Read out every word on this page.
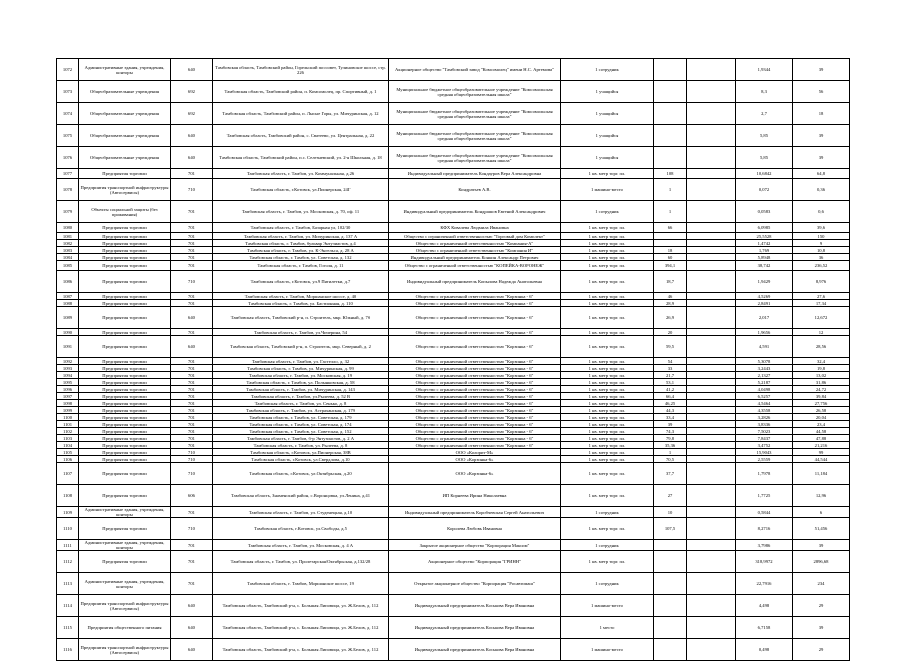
1072	Административные здания, учреждения, конторы	640	Тамбовская область, Тамбовский район, Горельский поссовет, Тулиновское шоссе, стр. 226	Акционерное общество "Тамбовский завод "Комсомолец" имени Н.С. Артемова"	1 сотрудник			1,9344	39
1073	Общеобразовательные учреждения	692	Тамбовская область, Тамбовский район, п. Комсомолец, пр. Спортивный, д. 1	Муниципальное бюджетное общеобразовательное учреждение "Комсомольская средняя общеобразовательная школа"	1 учащийся			8,3	56
1074	Общеобразовательные учреждения	692	Тамбовская область, Тамбовский район, п. Лысые Горы, ул. Мичуринская, д. 12	Муниципальное бюджетное общеобразовательное учреждение "Комсомольская средняя общеобразовательная школа"	1 учащийся			2,7	18
1075	Общеобразовательные учреждения	640	Тамбовская область, Тамбовский район, с. Сватеево, ул. Центральная, д. 22	Муниципальное бюджетное общеобразовательное учреждение "Комсомольская средняя общеобразовательная школа"	1 учащийся			5,85	39
1076	Общеобразовательные учреждения	640	Тамбовская область, Тамбовский район, п.с. Селезневский, ул. 2-я Школьная, д. 18	Муниципальное бюджетное общеобразовательное учреждение "Комсомольская средняя общеобразовательная школа"	1 учащийся			5,85	39
1077	Предприятия торговли	701	Тамбовская область, г. Тамбов, ул. Коммунальная, д.26	Индивидуальный предприниматель Кондауров Вера Александровна	1 кв. метр торг. пл.	108		10,6842	64,8
1078	Предприятия транспортной инфраструктуры (Автосервисы)	710	Тамбовская область, г.Котовск, ул.Пионерская, 24Г	Кондратьев А.В.	1 машино-место	1		0,072	0,36
1079	Объекты социальной защиты (без проживания)	701	Тамбовская область, г. Тамбов, ул. Московская, д. 70, оф. 11	Индивидуальный предприниматель Кондрашов Евгений Александрович	1 сотрудник	1		0,0583	0,6
1080	Предприятия торговли	701	Тамбовская область, г. Тамбов, Базарная ул, 102/30	КФХ Ковалева Людмила Ивановна	1 кв. метр торг. пл.	66		6,0985	39,6
1081	Предприятия торговли	701	Тамбовская область, г. Тамбов, ул. Мичуринская, д. 137 А	Общество с ограниченной ответственностью "Торговый дом Комплект"	1 кв. метр торг. пл.			25,5528	150
1082	Предприятия торговли	701	Тамбовская область, г. Тамбов, бульвар Энтузиастов, д.4	Общество с ограниченной ответственностью "Компания-А"	1 кв. метр торг. пл.			1,4742	9
1083	Предприятия торговли	701	Тамбовская область, г. Тамбов, ул. К-Энгельса, д. 28 А	Общество с ограниченной ответственностью "Компания И"	1 кв. метр торг. пл.	18		1,769	10,8
1084	Предприятия торговли	701	Тамбовская область, г. Тамбов, ул. Советская, д. 132	Индивидуальный предприниматель Конкин Александр Петрович	1 кв. метр торг. пл.	60		5,8948	36
1085	Предприятия торговли	701	Тамбовская область, г. Тамбов, Гоголя, д. 11	Общество с ограниченной ответственностью "КОПЕЙКА-ВОРОНЕЖ"	1 кв. метр торг. пл.	394,1		38,742	236,52
1086	Предприятия торговли	710	Тамбовская область, г.Котовск, ул.9 Пятилетки, д.7	Индивидуальный предприниматель Копылова Надежда Анатольевна	1 кв. метр торг. пл.	18,7		1,9429	8,976
1087	Предприятия торговли	701	Тамбовская область, г. Тамбов, Моршанское шоссе, д. 40	Общество с ограниченной ответственностью "Корзинка - 6"	1 кв. метр торг. пл.	46		4,5269	27,6
1088	Предприятия торговли	701	Тамбовская область, г. Тамбов, ул. Бастионная, д. 110	Общество с ограниченной ответственностью "Корзинка - 6"	1 кв. метр торг. пл.	28,9		2,8491	17,34
1089	Предприятия торговли	640	Тамбовская область, Тамбовский р-н, п. Строитель, мкр. Южный, д. 7б	Общество с ограниченной ответственностью "Корзинка - 6"	1 кв. метр торг. пл.	26,9		2,017	12,672
1090	Предприятия торговли	701	Тамбовская область, г. Тамбов, ул.Чичерина, 54	Общество с ограниченной ответственностью "Корзинка - 6"	1 кв. метр торг. пл.	20		1,9656	12
1091	Предприятия торговли	640	Тамбовская область, Тамбовский р-н, п. Строитель, мкр. Северный, д. 2	Общество с ограниченной ответственностью "Корзинка - 6"	1 кв. метр торг. пл.	59,5		4,591	28,56
1092	Предприятия торговли	701	Тамбовская область, г. Тамбов, ул. Гастелло, д. 32	Общество с ограниченной ответственностью "Корзинка - 6"	1 кв. метр торг. пл.	54		5,3078	32,4
1093	Предприятия торговли	701	Тамбовская область, г. Тамбов, ул. Мичуринская, д. 99	Общество с ограниченной ответственностью "Корзинка - 6"	1 кв. метр торг. пл.	33		3,2443	19,8
1094	Предприятия торговли	701	Тамбовская область, г. Тамбов, ул. Московская, д. 19	Общество с ограниченной ответственностью "Корзинка - 6"	1 кв. метр торг. пл.	21,7		2,1327	13,02
1095	Предприятия торговли	701	Тамбовская область, г. Тамбов, ул. Полынковская, д. 58	Общество с ограниченной ответственностью "Корзинка - 6"	1 кв. метр торг. пл.	53,1		5,2187	31,86
1096	Предприятия торговли	701	Тамбовская область, г. Тамбов, ул. Мичуринская, д. 143	Общество с ограниченной ответственностью "Корзинка - 6"	1 кв. метр торг. пл.	41,2		4,0498	24,72
1097	Предприятия торговли	701	Тамбовская область, г. Тамбов, ул.Рылеева, д. 52 В	Общество с ограниченной ответственностью "Корзинка - 6"	1 кв. метр торг. пл.	66,4		6,5257	39,84
1098	Предприятия торговли	701	Тамбовская область, г. Тамбов, ул. Сенько, д. 8	Общество с ограниченной ответственностью "Корзинка - 6"	1 кв. метр торг. пл.	46,25		4,5464	27,756
1099	Предприятия торговли	701	Тамбовская область, г. Тамбов, ул. Астраханская, д. 179	Общество с ограниченной ответственностью "Корзинка - 6"	1 кв. метр торг. пл.	44,3		4,3558	26,58
1100	Предприятия торговли	701	Тамбовская область, г. Тамбов, ул. Советская, д. 179	Общество с ограниченной ответственностью "Корзинка - 6"	1 кв. метр торг. пл.	33,4		3,2826	20,04
1101	Предприятия торговли	701	Тамбовская область, г. Тамбов, ул. Советская, д. 174	Общество с ограниченной ответственностью "Корзинка - 6"	1 кв. метр торг. пл.	39		3,8336	23,4
1102	Предприятия торговли	701	Тамбовская область, г. Тамбов, ул. Советская, д. 152	Общество с ограниченной ответственностью "Корзинка - 6"	1 кв. метр торг. пл.	74,3		7,5023	44,58
1103	Предприятия торговли	701	Тамбовская область, г. Тамбов, б-р Энтузиастов, д. 2 А	Общество с ограниченной ответственностью "Корзинка - 6"	1 кв. метр торг. пл.	79,8		7,8437	47,88
1104	Предприятия торговли	701	Тамбовская область, г. Тамбов, ул. Рылеева, д. 8	Общество с ограниченной ответственностью "Корзинка - 6"	1 кв. метр торг. пл.	35,36		3,4752	21,216
1105	Предприятия торговли	710	Тамбовская область, г.Котовск, ул.Пионерская, 38В	ООО «Колорит-М»	1 кв. метр торг. пл.	1		15,9043	99
1106	Предприятия торговли	710	Тамбовская область, г.Котовск, ул.Свердлова, д.10	ООО «Корзинка-6»	1 кв. метр торг. пл.	70,5		2,5559	44,544
1107	Предприятия торговли	710	Тамбовская область, г.Котовск, ул.Октябрьская, д.20	ООО «Корзинка-6»	1 кв. метр торг. пл.	37,7		1,7978	11,184
1108	Предприятия торговли	606	Тамбовская область, Знаменский район, с.Воронцовка, ул.Ленина, д.41	ИП Корнеева Ирина Николаевна	1 кв. метр торг. пл.	27		1,7725	12,96
1109	Административные здания, учреждения, конторы	701	Тамбовская область, г. Тамбов, ул. Студенецкая, д.10	Индивидуальный предприниматель Коробчевская Сергей Анатольевич	1 сотрудник	10		0,5844	6
1110	Предприятия торговли	710	Тамбовская область, г.Котовск, ул.Свободы, д.5	Королева Любовь Ивановна	1 кв. метр торг. пл.	107,5		8,2716	51,456
1111	Административные здания, учреждения, конторы	701	Тамбовская область, г. Тамбов, ул. Московская, д. 4 А	Закрытое акционерное общество "Корпорация Максим"	1 сотрудник			3,7986	39
1112	Предприятия торговли	701	Тамбовская область, г. Тамбов, ул. Пролетарская/Октябрьская, д.132/28	Акционерное общество "Корпорация "ГРИНН"	1 кв. метр торг. пл.			318,9972	2896,68
1113	Административные здания, учреждения, конторы	701	Тамбовская область, г. Тамбов, Моршанское шоссе, 19	Открытое акционерное общество "Корпорация "Росавтомаш"	1 сотрудник			22,7916	234
1114	Предприятия транспортной инфраструктуры (Автосервисы)	640	Тамбовская область, Тамбовский р-н, с. Большая Липовица, ул. Ж.Белов, д. 112	Индивидуальный предприниматель Коськова Вера Ивановна	1 машино-место			4,498	29
1115	Предприятия общественного питания	640	Тамбовская область, Тамбовский р-н, с. Большая Липовица, ул. Ж.Белов, д. 112	Индивидуальный предприниматель Коськова Вера Ивановна	1 место			6,7158	39
1116	Предприятия транспортной инфраструктуры (Автосервисы)	640	Тамбовская область, Тамбовский р-н, с. Большая Липовица, ул. Ж.Белов, д. 112	Индивидуальный предприниматель Коськова Вера Ивановна	1 машино-место			0,498	29
